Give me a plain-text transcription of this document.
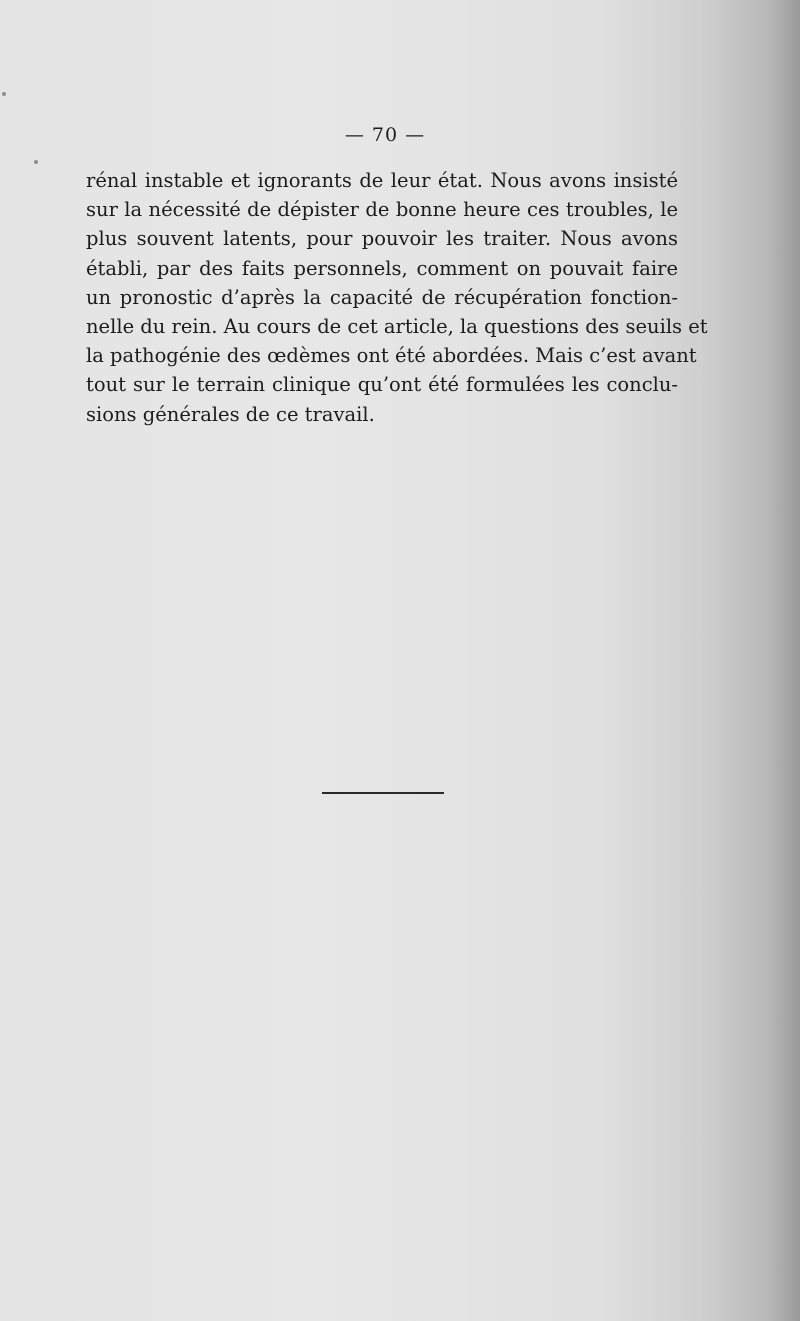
— 70 —

rénal instable et ignorants de leur état. Nous avons insisté
sur la nécessité de dépister de bonne heure ces troubles, le
plus souvent latents, pour pouvoir les traiter. Nous avons
établi, par des faits personnels, comment on pouvait faire
un pronostic d’après la capacité de récupération fonction-
nelle du rein. Au cours de cet article, la questions des seuils et
la pathogénie des œdèmes ont été abordées. Mais c’est avant
tout sur le terrain clinique qu’ont été formulées les conclu-
sions générales de ce travail.
